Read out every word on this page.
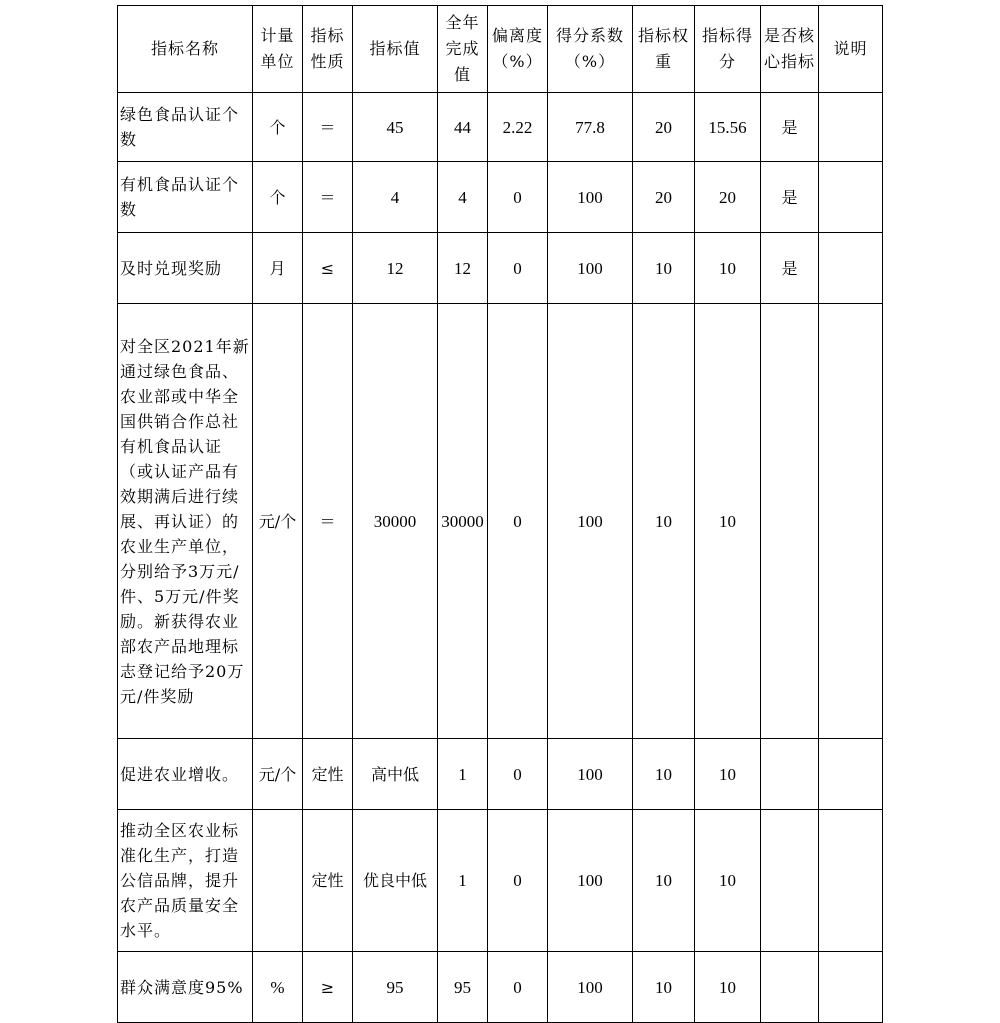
指标名称	计量单位	指标性质	指标值	全年完成值	偏离度（%）	得分系数（%）	指标权重	指标得分	是否核心指标	说明
绿色食品认证个数	个	＝	45	44	2.22	77.8	20	15.56	是	
有机食品认证个数	个	＝	4	4	0	100	20	20	是	
及时兑现奖励	月	≤	12	12	0	100	10	10	是	
对全区2021年新通过绿色食品、农业部或中华全国供销合作总社有机食品认证（或认证产品有效期满后进行续展、再认证）的农业生产单位，分别给予3万元/件、5万元/件奖励。新获得农业部农产品地理标志登记给予20万元/件奖励	元/个	＝	30000	30000	0	100	10	10		
促进农业增收。	元/个	定性	高中低	1	0	100	10	10		
推动全区农业标准化生产，打造公信品牌，提升农产品质量安全水平。		定性	优良中低	1	0	100	10	10		
群众满意度95%	%	≥	95	95	0	100	10	10		
